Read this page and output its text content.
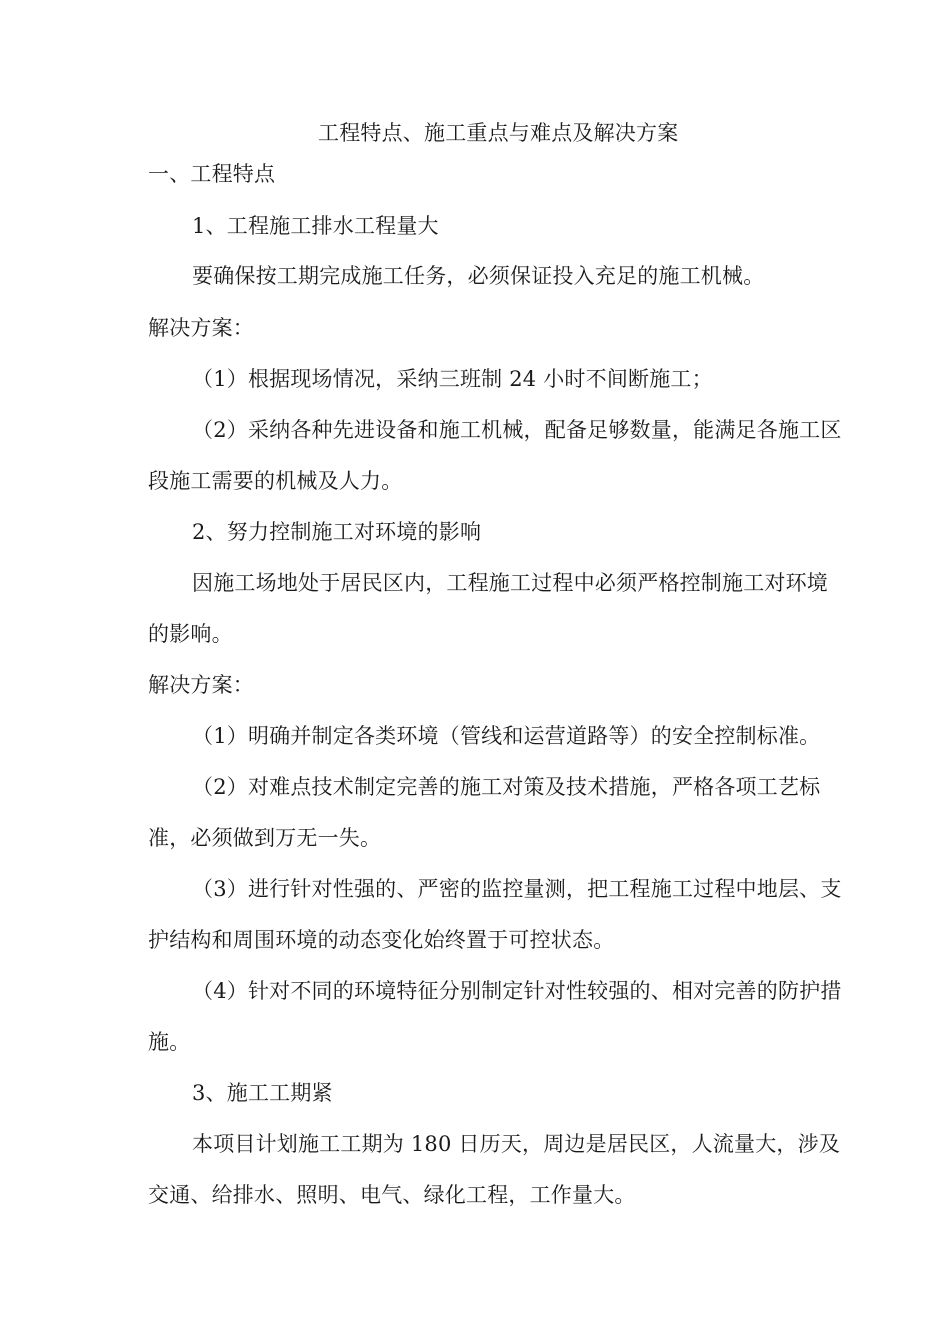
工程特点、施工重点与难点及解决方案
一、工程特点
1、工程施工排水工程量大
要确保按工期完成施工任务，必须保证投入充足的施工机械。
解决方案：
（1）根据现场情况，采纳三班制 24 小时不间断施工；
（2）采纳各种先进设备和施工机械，配备足够数量，能满足各施工区
段施工需要的机械及人力。
2、努力控制施工对环境的影响
因施工场地处于居民区内，工程施工过程中必须严格控制施工对环境
的影响。
解决方案：
（1）明确并制定各类环境（管线和运营道路等）的安全控制标准。
（2）对难点技术制定完善的施工对策及技术措施，严格各项工艺标
准，必须做到万无一失。
（3）进行针对性强的、严密的监控量测，把工程施工过程中地层、支
护结构和周围环境的动态变化始终置于可控状态。
（4）针对不同的环境特征分别制定针对性较强的、相对完善的防护措
施。
3、施工工期紧
本项目计划施工工期为 180 日历天，周边是居民区，人流量大，涉及
交通、给排水、照明、电气、绿化工程，工作量大。
